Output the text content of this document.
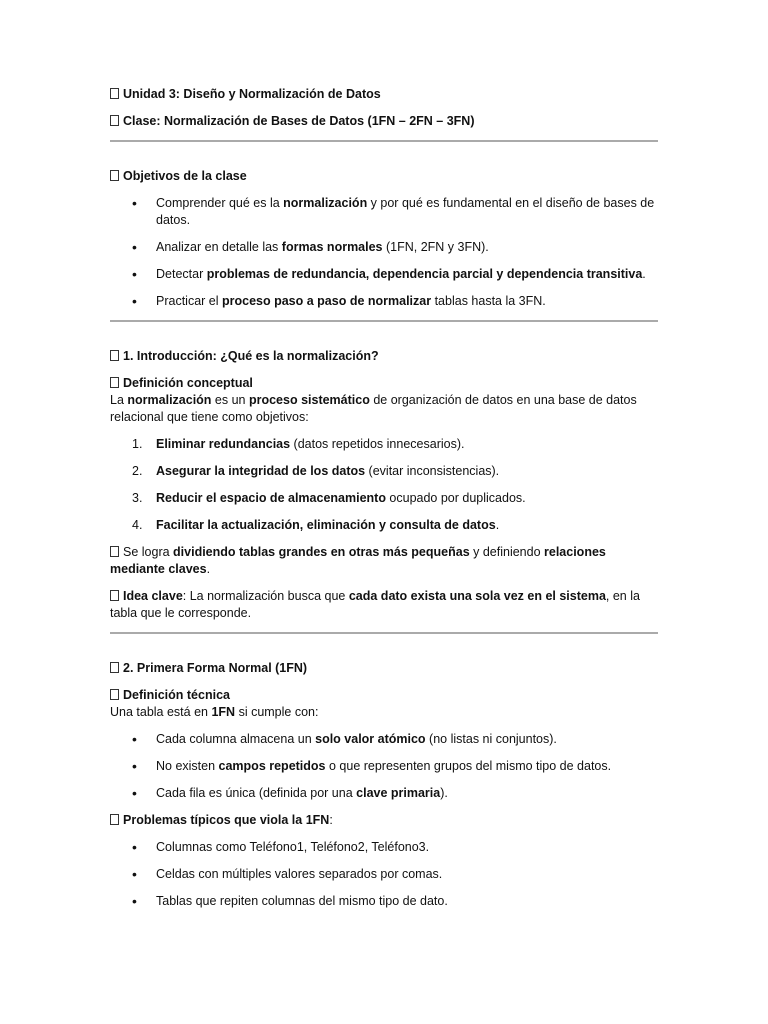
Unidad 3: Diseño y Normalización de Datos

Clase: Normalización de Bases de Datos (1FN – 2FN – 3FN)

Objetivos de la clase

• Comprender qué es la normalización y por qué es fundamental en el diseño de bases de datos.
• Analizar en detalle las formas normales (1FN, 2FN y 3FN).
• Detectar problemas de redundancia, dependencia parcial y dependencia transitiva.
• Practicar el proceso paso a paso de normalizar tablas hasta la 3FN.

1. Introducción: ¿Qué es la normalización?

Definición conceptual

La normalización es un proceso sistemático de organización de datos en una base de datos relacional que tiene como objetivos:

1. Eliminar redundancias (datos repetidos innecesarios).
2. Asegurar la integridad de los datos (evitar inconsistencias).
3. Reducir el espacio de almacenamiento ocupado por duplicados.
4. Facilitar la actualización, eliminación y consulta de datos.

Se logra dividiendo tablas grandes en otras más pequeñas y definiendo relaciones mediante claves.

Idea clave: La normalización busca que cada dato exista una sola vez en el sistema, en la tabla que le corresponde.

2. Primera Forma Normal (1FN)

Definición técnica

Una tabla está en 1FN si cumple con:

• Cada columna almacena un solo valor atómico (no listas ni conjuntos).
• No existen campos repetidos o que representen grupos del mismo tipo de datos.
• Cada fila es única (definida por una clave primaria).

Problemas típicos que viola la 1FN:

• Columnas como Teléfono1, Teléfono2, Teléfono3.
• Celdas con múltiples valores separados por comas.
• Tablas que repiten columnas del mismo tipo de dato.
